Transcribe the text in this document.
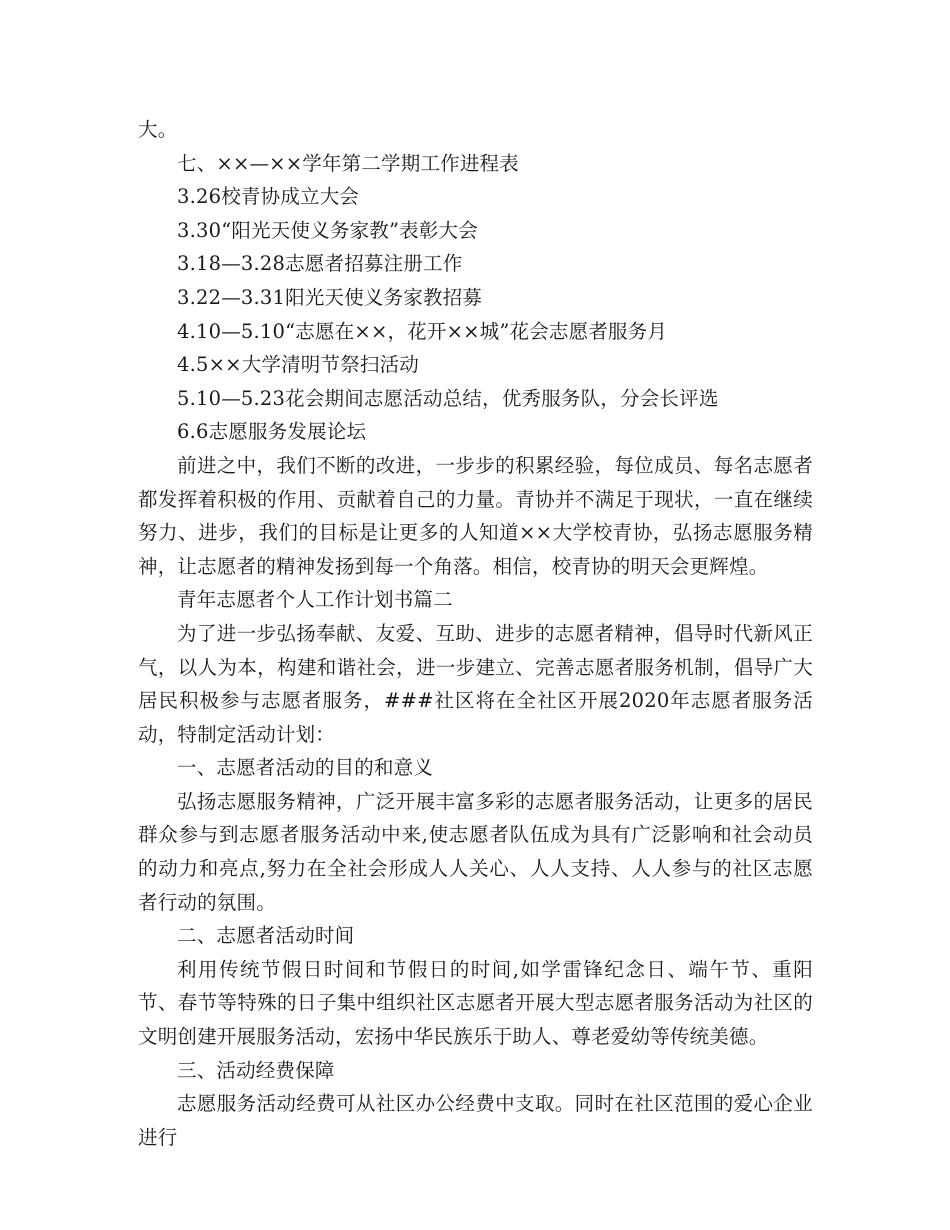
大。

七、××—××学年第二学期工作进程表

3.26校青协成立大会

3.30“阳光天使义务家教”表彰大会

3.18—3.28志愿者招募注册工作

3.22—3.31阳光天使义务家教招募

4.10—5.10“志愿在××，花开××城”花会志愿者服务月

4.5××大学清明节祭扫活动

5.10—5.23花会期间志愿活动总结，优秀服务队，分会长评选

6.6志愿服务发展论坛

前进之中，我们不断的改进，一步步的积累经验，每位成员、每名志愿者都发挥着积极的作用、贡献着自己的力量。青协并不满足于现状，一直在继续努力、进步，我们的目标是让更多的人知道××大学校青协，弘扬志愿服务精神，让志愿者的精神发扬到每一个角落。相信，校青协的明天会更辉煌。

青年志愿者个人工作计划书篇二

为了进一步弘扬奉献、友爱、互助、进步的志愿者精神，倡导时代新风正气，以人为本，构建和谐社会，进一步建立、完善志愿者服务机制，倡导广大居民积极参与志愿者服务，###社区将在全社区开展2020年志愿者服务活动，特制定活动计划：

一、志愿者活动的目的和意义

弘扬志愿服务精神，广泛开展丰富多彩的志愿者服务活动，让更多的居民群众参与到志愿者服务活动中来,使志愿者队伍成为具有广泛影响和社会动员的动力和亮点,努力在全社会形成人人关心、人人支持、人人参与的社区志愿者行动的氛围。

二、志愿者活动时间

利用传统节假日时间和节假日的时间,如学雷锋纪念日、端午节、重阳节、春节等特殊的日子集中组织社区志愿者开展大型志愿者服务活动为社区的文明创建开展服务活动，宏扬中华民族乐于助人、尊老爱幼等传统美德。

三、活动经费保障

志愿服务活动经费可从社区办公经费中支取。同时在社区范围的爱心企业进行
